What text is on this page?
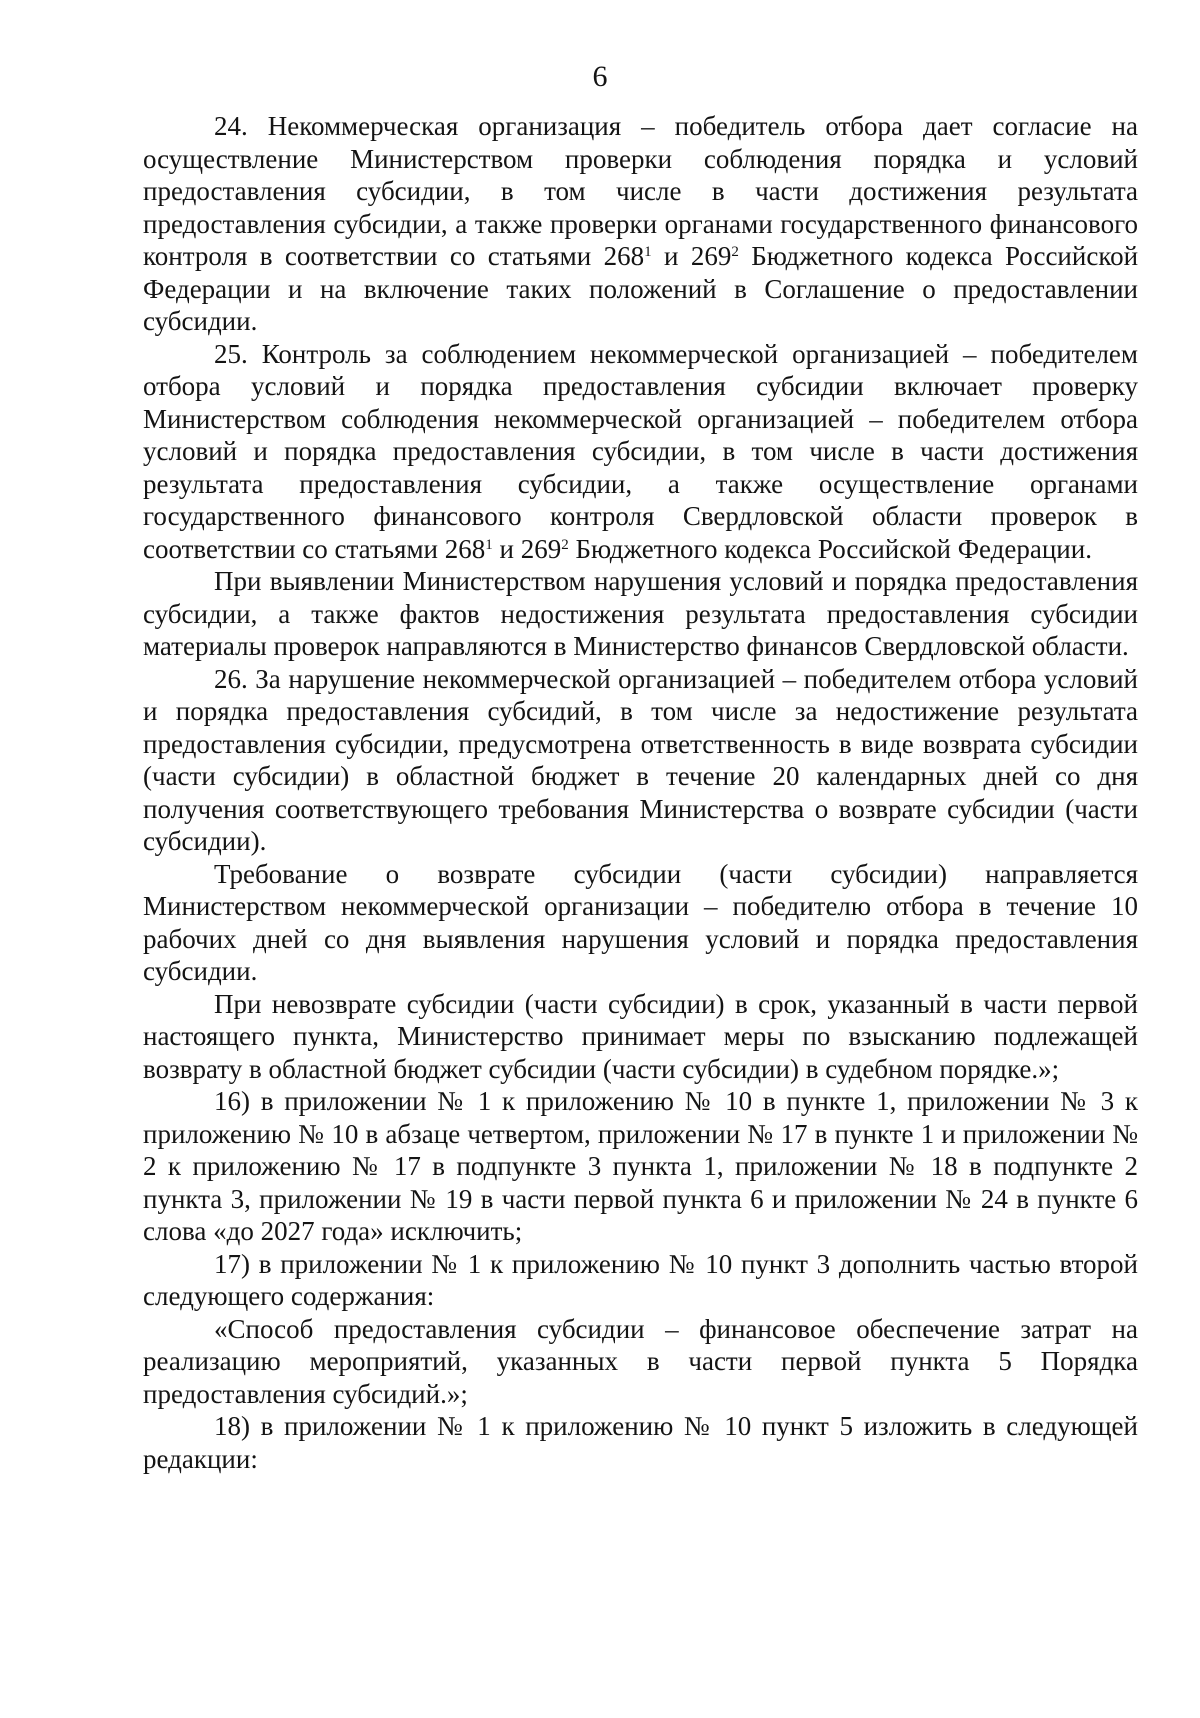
6

24. Некоммерческая организация – победитель отбора дает согласие на осуществление Министерством проверки соблюдения порядка и условий предоставления субсидии, в том числе в части достижения результата предоставления субсидии, а также проверки органами государственного финансового контроля в соответствии со статьями $268^1$ и $269^2$ Бюджетного кодекса Российской Федерации и на включение таких положений в Соглашение о предоставлении субсидии.

25. Контроль за соблюдением некоммерческой организацией – победителем отбора условий и порядка предоставления субсидии включает проверку Министерством соблюдения некоммерческой организацией – победителем отбора условий и порядка предоставления субсидии, в том числе в части достижения результата предоставления субсидии, а также осуществление органами государственного финансового контроля Свердловской области проверок в соответствии со статьями $268^1$ и $269^2$ Бюджетного кодекса Российской Федерации.

При выявлении Министерством нарушения условий и порядка предоставления субсидии, а также фактов недостижения результата предоставления субсидии материалы проверок направляются в Министерство финансов Свердловской области.

26. За нарушение некоммерческой организацией – победителем отбора условий и порядка предоставления субсидий, в том числе за недостижение результата предоставления субсидии, предусмотрена ответственность в виде возврата субсидии (части субсидии) в областной бюджет в течение 20 календарных дней со дня получения соответствующего требования Министерства о возврате субсидии (части субсидии).

Требование о возврате субсидии (части субсидии) направляется Министерством некоммерческой организации – победителю отбора в течение 10 рабочих дней со дня выявления нарушения условий и порядка предоставления субсидии.

При невозврате субсидии (части субсидии) в срок, указанный в части первой настоящего пункта, Министерство принимает меры по взысканию подлежащей возврату в областной бюджет субсидии (части субсидии) в судебном порядке.»;

16) в приложении № 1 к приложению № 10 в пункте 1, приложении № 3 к приложению № 10 в абзаце четвертом, приложении № 17 в пункте 1 и приложении № 2 к приложению № 17 в подпункте 3 пункта 1, приложении № 18 в подпункте 2 пункта 3, приложении № 19 в части первой пункта 6 и приложении № 24 в пункте 6 слова «до 2027 года» исключить;

17) в приложении № 1 к приложению № 10 пункт 3 дополнить частью второй следующего содержания:

«Способ предоставления субсидии – финансовое обеспечение затрат на реализацию мероприятий, указанных в части первой пункта 5 Порядка предоставления субсидий.»;

18) в приложении № 1 к приложению № 10 пункт 5 изложить в следующей редакции:
